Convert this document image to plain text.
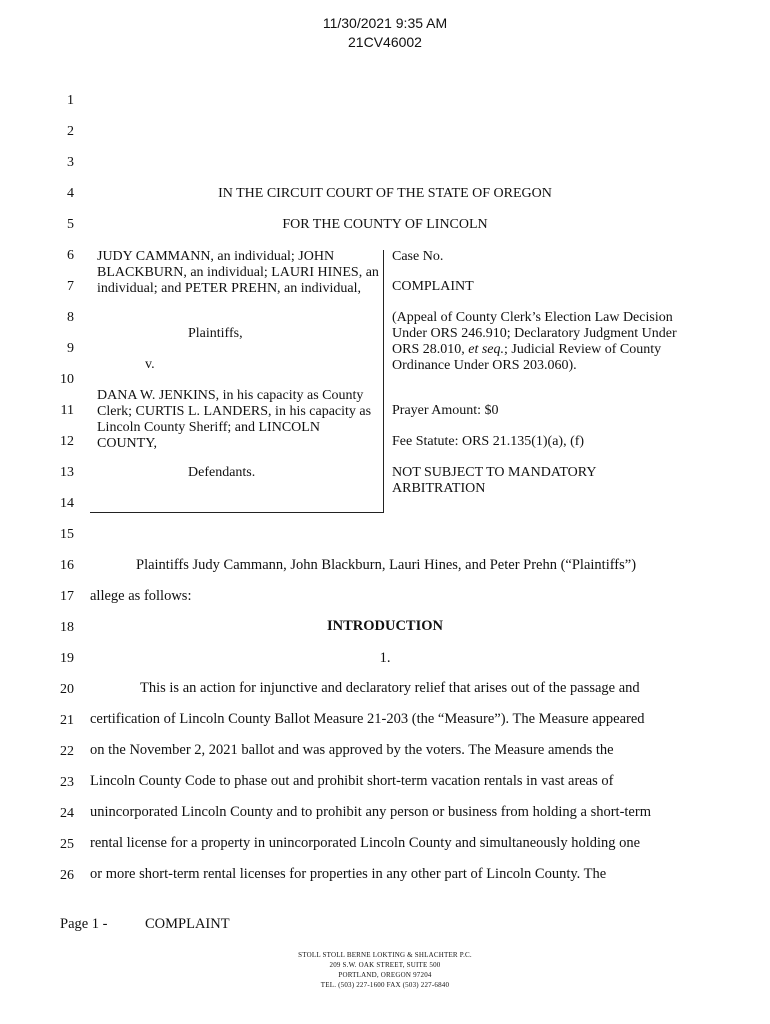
11/30/2021 9:35 AM
21CV46002
1
2
3
4
5
6
7
8
9
10
11
12
13
14
15
16
17
18
19
20
21
22
23
24
25
26
IN THE CIRCUIT COURT OF THE STATE OF OREGON
FOR THE COUNTY OF LINCOLN
JUDY CAMMANN, an individual; JOHN BLACKBURN, an individual; LAURI HINES, an individual; and PETER PREHN, an individual,
Plaintiffs,
v.
DANA W. JENKINS, in his capacity as County Clerk; CURTIS L. LANDERS, in his capacity as Lincoln County Sheriff; and LINCOLN COUNTY,
Defendants.
Case No.
COMPLAINT
(Appeal of County Clerk’s Election Law Decision Under ORS 246.910; Declaratory Judgment Under ORS 28.010, et seq.; Judicial Review of County Ordinance Under ORS 203.060).
Prayer Amount: $0
Fee Statute: ORS 21.135(1)(a), (f)
NOT SUBJECT TO MANDATORY ARBITRATION
Plaintiffs Judy Cammann, John Blackburn, Lauri Hines, and Peter Prehn (“Plaintiffs”)
allege as follows:
INTRODUCTION
1.
This is an action for injunctive and declaratory relief that arises out of the passage and
certification of Lincoln County Ballot Measure 21-203 (the “Measure”). The Measure appeared
on the November 2, 2021 ballot and was approved by the voters. The Measure amends the
Lincoln County Code to phase out and prohibit short-term vacation rentals in vast areas of
unincorporated Lincoln County and to prohibit any person or business from holding a short-term
rental license for a property in unincorporated Lincoln County and simultaneously holding one
or more short-term rental licenses for properties in any other part of Lincoln County. The
Page 1 -	COMPLAINT
STOLL STOLL BERNE LOKTING & SHLACHTER P.C.
209 S.W. OAK STREET, SUITE 500
PORTLAND, OREGON 97204
TEL. (503) 227-1600 FAX (503) 227-6840
